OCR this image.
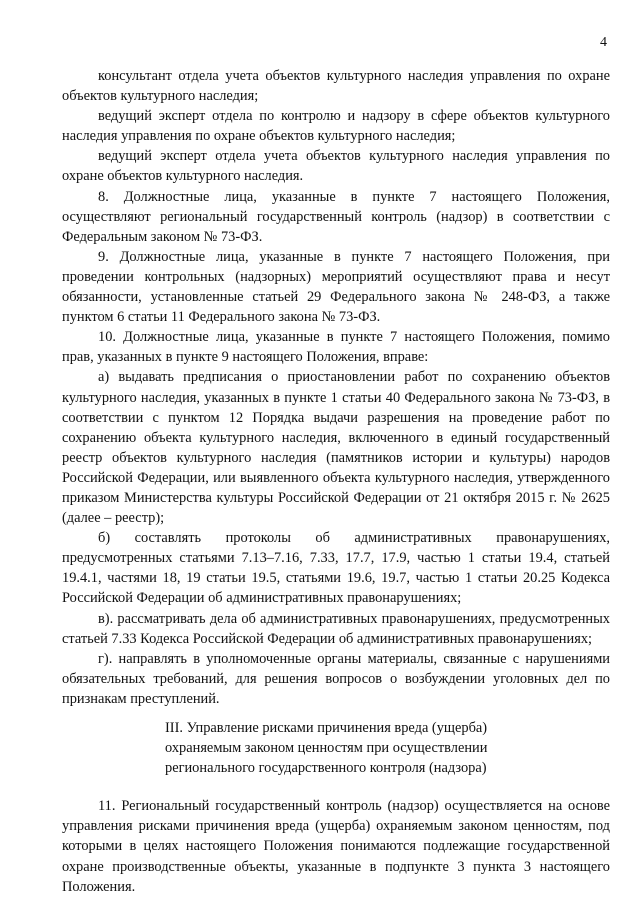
4

консультант отдела учета объектов культурного наследия управления по охране объектов культурного наследия;

ведущий эксперт отдела по контролю и надзору в сфере объектов культурного наследия управления по охране объектов культурного наследия;

ведущий эксперт отдела учета объектов культурного наследия управления по охране объектов культурного наследия.

8. Должностные лица, указанные в пункте 7 настоящего Положения, осуществляют региональный государственный контроль (надзор) в соответствии с Федеральным законом № 73-ФЗ.

9. Должностные лица, указанные в пункте 7 настоящего Положения, при проведении контрольных (надзорных) мероприятий осуществляют права и несут обязанности, установленные статьей 29 Федерального закона № 248-ФЗ, а также пунктом 6 статьи 11 Федерального закона № 73-ФЗ.

10. Должностные лица, указанные в пункте 7 настоящего Положения, помимо прав, указанных в пункте 9 настоящего Положения, вправе:

а) выдавать предписания о приостановлении работ по сохранению объектов культурного наследия, указанных в пункте 1 статьи 40 Федерального закона № 73-ФЗ, в соответствии с пунктом 12 Порядка выдачи разрешения на проведение работ по сохранению объекта культурного наследия, включенного в единый государственный реестр объектов культурного наследия (памятников истории и культуры) народов Российской Федерации, или выявленного объекта культурного наследия, утвержденного приказом Министерства культуры Российской Федерации от 21 октября 2015 г. № 2625 (далее – реестр);

б) составлять протоколы об административных правонарушениях, предусмотренных статьями 7.13–7.16, 7.33, 17.7, 17.9, частью 1 статьи 19.4, статьей 19.4.1, частями 18, 19 статьи 19.5, статьями 19.6, 19.7, частью 1 статьи 20.25 Кодекса Российской Федерации об административных правонарушениях;

в). рассматривать дела об административных правонарушениях, предусмотренных статьей 7.33 Кодекса Российской Федерации об административных правонарушениях;

г). направлять в уполномоченные органы материалы, связанные с нарушениями обязательных требований, для решения вопросов о возбуждении уголовных дел по признакам преступлений.

III. Управление рисками причинения вреда (ущерба)
охраняемым законом ценностям при осуществлении
регионального государственного контроля (надзора)

11. Региональный государственный контроль (надзор) осуществляется на основе управления рисками причинения вреда (ущерба) охраняемым законом ценностям, под которыми в целях настоящего Положения понимаются подлежащие государственной охране производственные объекты, указанные в подпункте 3 пункта 3 настоящего Положения.
